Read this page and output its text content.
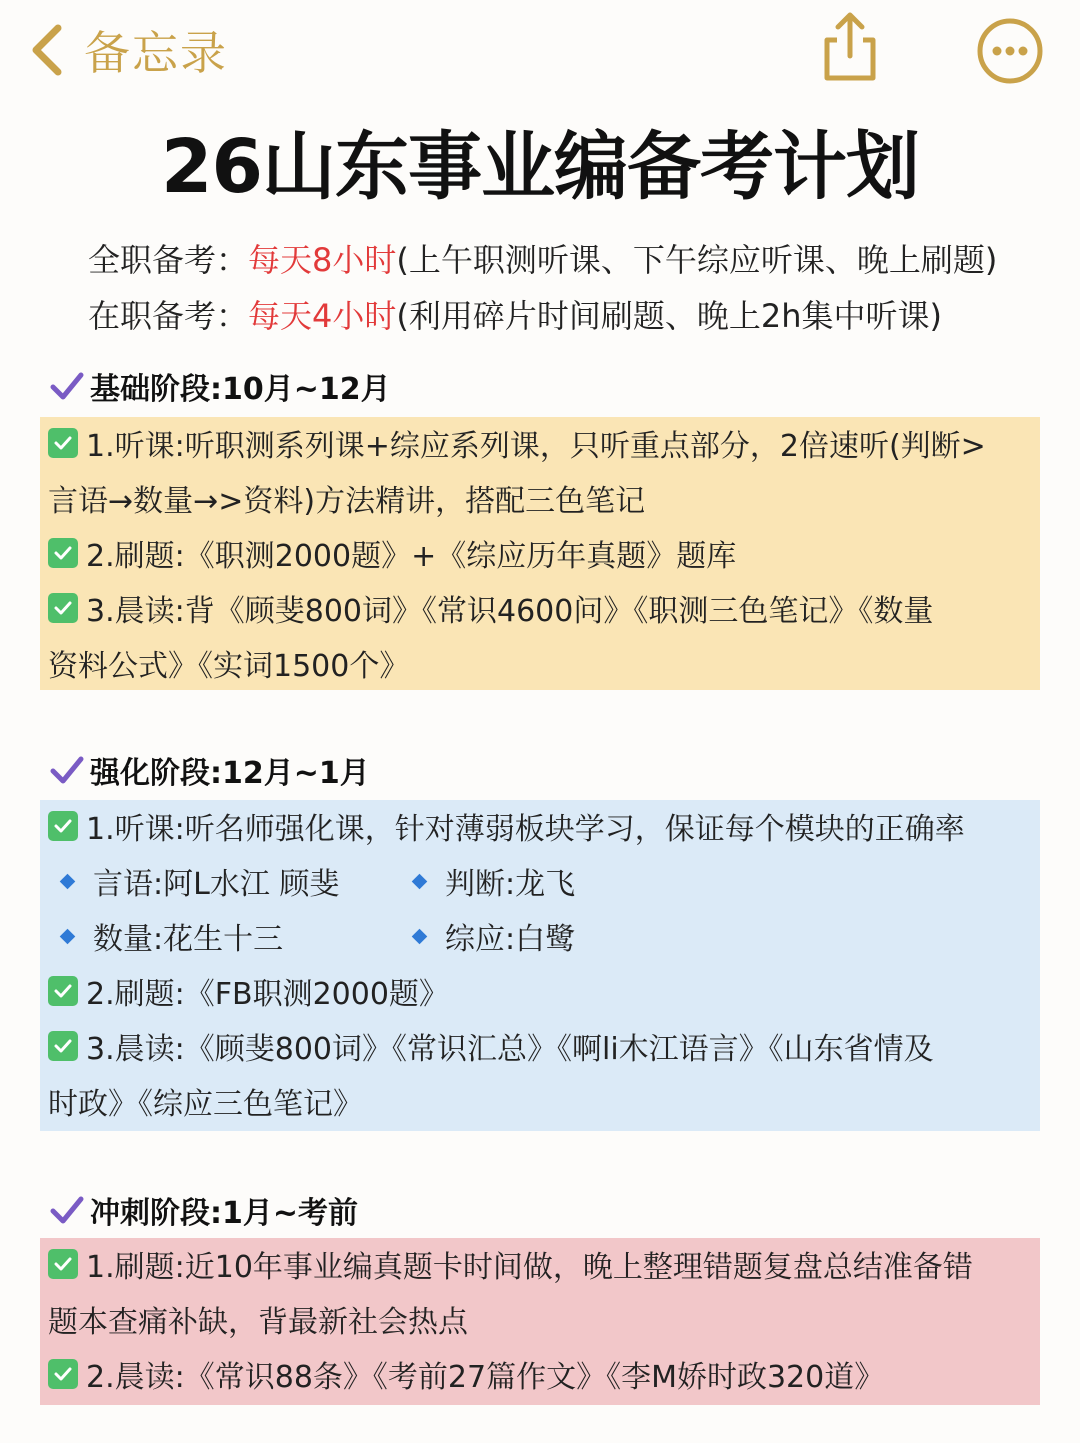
备忘录
26山东事业编备考计划
全职备考：每天8小时(上午职测听课、下午综应听课、晚上刷题)
在职备考：每天4小时(利用碎片时间刷题、晚上2h集中听课)
基础阶段:10月~12月
1.听课:听职测系列课+综应系列课，只听重点部分，2倍速听(判断>
言语→数量→>资料)方法精讲，搭配三色笔记
2.刷题:《职测2000题》+《综应历年真题》题库
3.晨读:背《顾斐800词》《常识4600问》《职测三色笔记》《数量
资料公式》《实词1500个》
强化阶段:12月~1月
1.听课:听名师强化课，针对薄弱板块学习，保证每个模块的正确率
言语:阿L水江 顾斐	判断:龙飞
数量:花生十三	综应:白鹭
2.刷题:《FB职测2000题》
3.晨读:《顾斐800词》《常识汇总》《啊li木江语言》《山东省情及
时政》《综应三色笔记》
冲刺阶段:1月~考前
1.刷题:近10年事业编真题卡时间做，晚上整理错题复盘总结准备错
题本查痛补缺，背最新社会热点
2.晨读:《常识88条》《考前27篇作文》《李M娇时政320道》
